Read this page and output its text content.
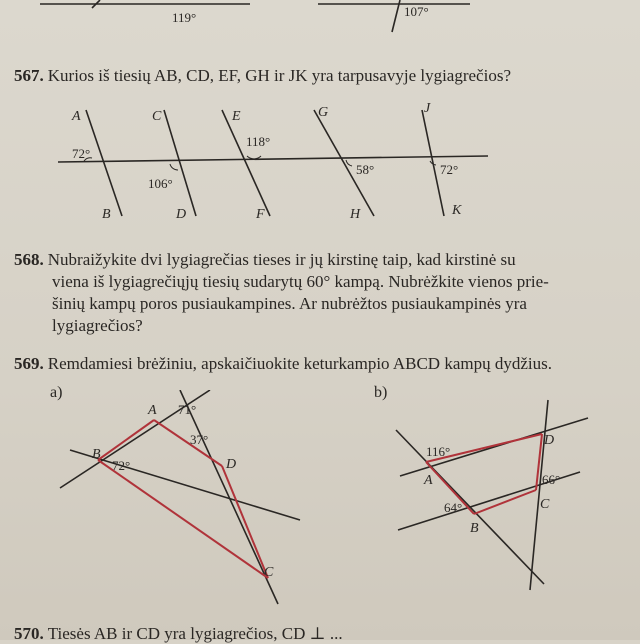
119°	107°
567. Kurios iš tiesių AB, CD, EF, GH ir JK yra tarpusavyje lygiagrečios?
A
B
C
D
E
F
G
H
J
K
72°
106°
118°
58°	72°
568. Nubraižykite dvi lygiagrečias tieses ir jų kirstinę taip, kad kirstinė su
viena iš lygiagrečiųjų tiesių sudarytų 60° kampą. Nubrėžkite vienos prie-
šinių kampų poros pusiaukampines. Ar nubrėžtos pusiaukampinės yra
lygiagrečios?
569. Remdamiesi brėžiniu, apskaičiuokite keturkampio ABCD kampų dydžius.
a)	b)
A
B
C
D
71°
37°
72°
A
B
C
D
116°
66°
64°
570. Tiesės AB ir CD yra lygiagrečios, CD ⊥ ...
